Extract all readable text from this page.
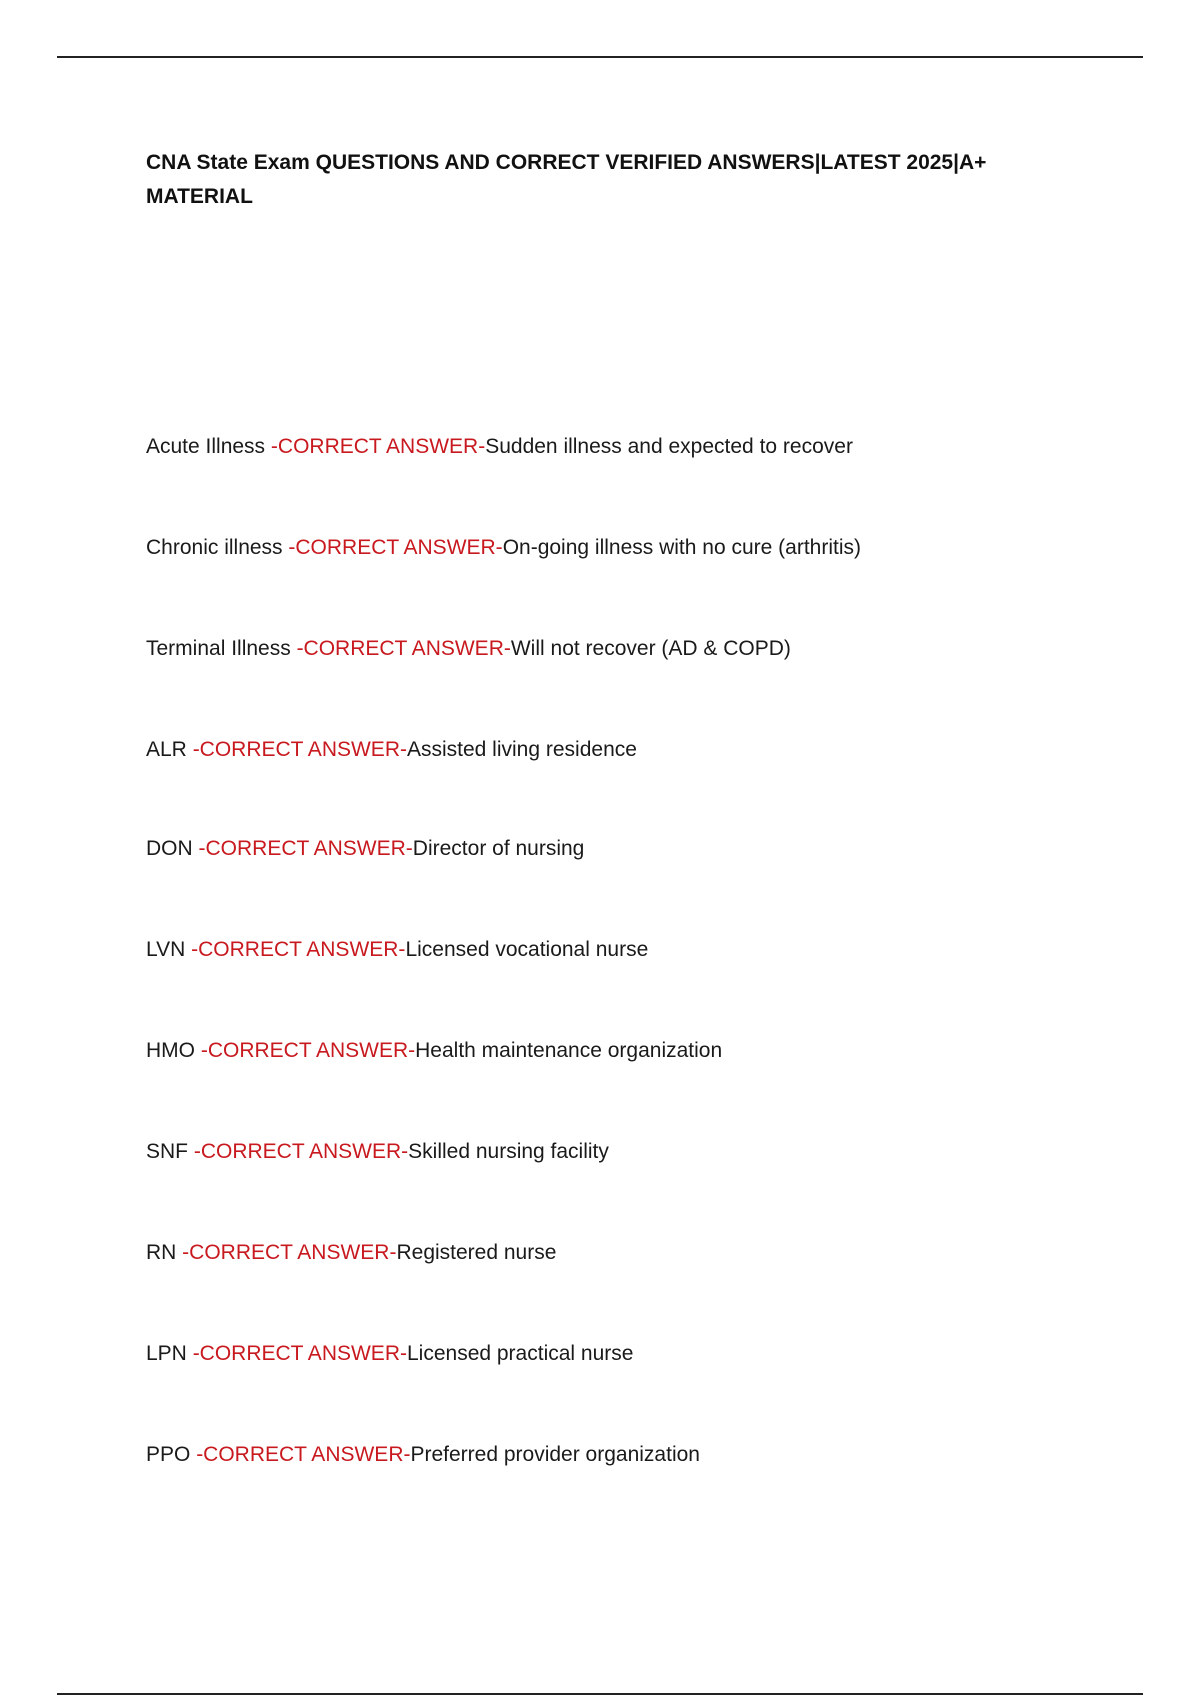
CNA State Exam QUESTIONS AND CORRECT VERIFIED ANSWERS|LATEST 2025|A+ MATERIAL
Acute Illness -CORRECT ANSWER-Sudden illness and expected to recover
Chronic illness -CORRECT ANSWER-On-going illness with no cure (arthritis)
Terminal Illness -CORRECT ANSWER-Will not recover (AD & COPD)
ALR -CORRECT ANSWER-Assisted living residence
DON -CORRECT ANSWER-Director of nursing
LVN -CORRECT ANSWER-Licensed vocational nurse
HMO -CORRECT ANSWER-Health maintenance organization
SNF -CORRECT ANSWER-Skilled nursing facility
RN -CORRECT ANSWER-Registered nurse
LPN -CORRECT ANSWER-Licensed practical nurse
PPO -CORRECT ANSWER-Preferred provider organization
